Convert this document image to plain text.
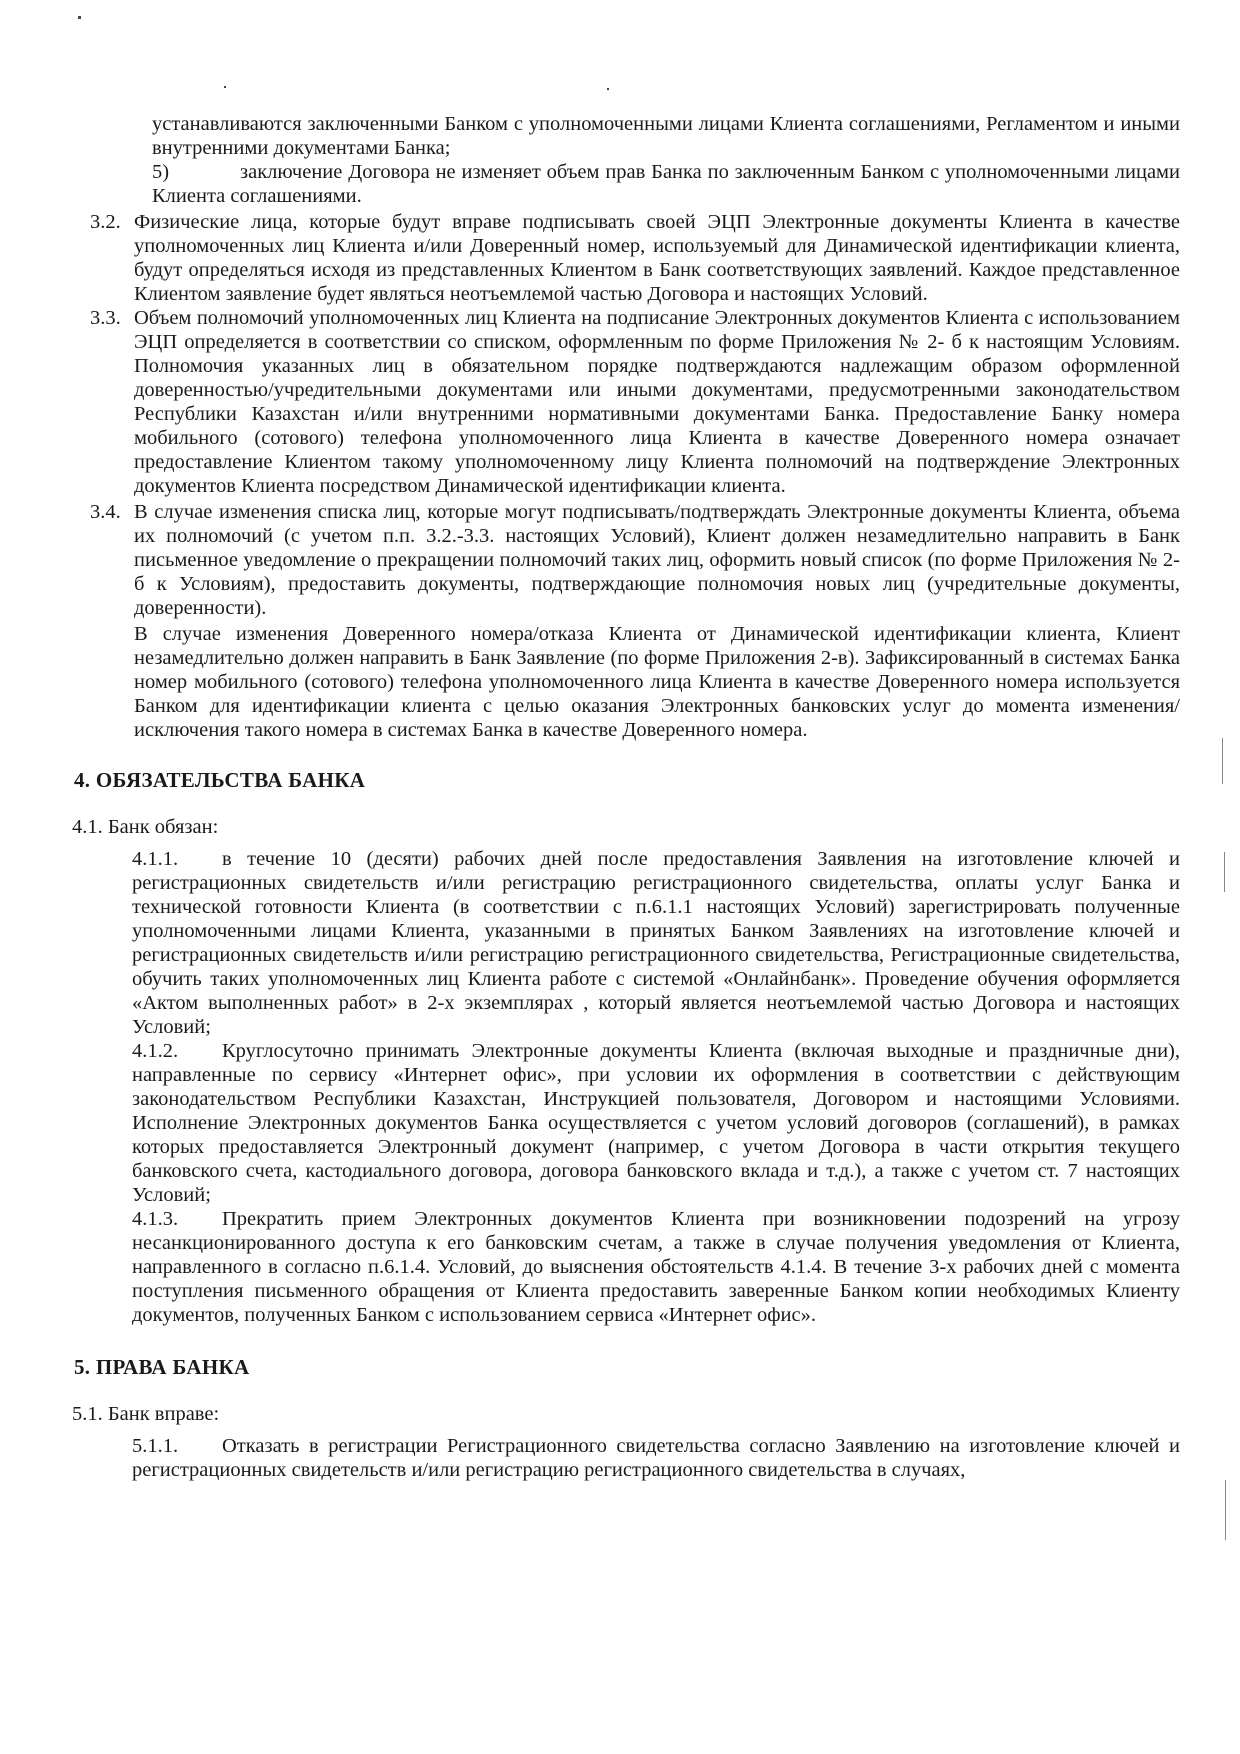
устанавливаются заключенными Банком с уполномоченными лицами Клиента соглашениями, Регламентом и иными внутренними документами Банка;

5)	заключение Договора не изменяет объем прав Банка по заключенным Банком с уполномоченными лицами Клиента соглашениями.

3.2. Физические лица, которые будут вправе подписывать своей ЭЦП Электронные документы Клиента в качестве уполномоченных лиц Клиента и/или Доверенный номер, используемый для Динамической идентификации клиента, будут определяться исходя из представленных Клиентом в Банк соответствующих заявлений. Каждое представленное Клиентом заявление будет являться неотъемлемой частью Договора и настоящих Условий.

3.3. Объем полномочий уполномоченных лиц Клиента на подписание Электронных документов Клиента с использованием ЭЦП определяется в соответствии со списком, оформленным по форме Приложения № 2- б к настоящим Условиям. Полномочия указанных лиц в обязательном порядке подтверждаются надлежащим образом оформленной доверенностью/учредительными документами или иными документами, предусмотренными законодательством Республики Казахстан и/или внутренними нормативными документами Банка. Предоставление Банку номера мобильного (сотового) телефона уполномоченного лица Клиента в качестве Доверенного номера означает предоставление Клиентом такому уполномоченному лицу Клиента полномочий на подтверждение Электронных документов Клиента посредством Динамической идентификации клиента.

3.4. В случае изменения списка лиц, которые могут подписывать/подтверждать Электронные документы Клиента, объема их полномочий (с учетом п.п. 3.2.-3.3. настоящих Условий), Клиент должен незамедлительно направить в Банк письменное уведомление о прекращении полномочий таких лиц, оформить новый список (по форме Приложения № 2-б к Условиям), предоставить документы, подтверждающие полномочия новых лиц (учредительные документы, доверенности).

В случае изменения Доверенного номера/отказа Клиента от Динамической идентификации клиента, Клиент незамедлительно должен направить в Банк Заявление (по форме Приложения 2-в). Зафиксированный в системах Банка номер мобильного (сотового) телефона уполномоченного лица Клиента в качестве Доверенного номера используется Банком для идентификации клиента с целью оказания Электронных банковских услуг до момента изменения/исключения такого номера в системах Банка в качестве Доверенного номера.

4. ОБЯЗАТЕЛЬСТВА БАНКА

4.1. Банк обязан:

4.1.1. в течение 10 (десяти) рабочих дней после предоставления Заявления на изготовление ключей и регистрационных свидетельств и/или регистрацию регистрационного свидетельства, оплаты услуг Банка и технической готовности Клиента (в соответствии с п.6.1.1 настоящих Условий) зарегистрировать полученные уполномоченными лицами Клиента, указанными в принятых Банком Заявлениях на изготовление ключей и регистрационных свидетельств и/или регистрацию регистрационного свидетельства, Регистрационные свидетельства, обучить таких уполномоченных лиц Клиента работе с системой «Онлайнбанк». Проведение обучения оформляется «Актом выполненных работ» в 2-х экземплярах , который является неотъемлемой частью Договора и настоящих Условий;
4.1.2. Круглосуточно принимать Электронные документы Клиента (включая выходные и праздничные дни), направленные по сервису «Интернет офис», при условии их оформления в соответствии с действующим законодательством Республики Казахстан, Инструкцией пользователя, Договором и настоящими Условиями. Исполнение Электронных документов Банка осуществляется с учетом условий договоров (соглашений), в рамках которых предоставляется Электронный документ (например, с учетом Договора в части открытия текущего банковского счета, кастодиального договора, договора банковского вклада и т.д.), а также с учетом ст. 7 настоящих Условий;
4.1.3. Прекратить прием Электронных документов Клиента при возникновении подозрений на угрозу несанкционированного доступа к его банковским счетам, а также в случае получения уведомления от Клиента, направленного в согласно п.6.1.4. Условий, до выяснения обстоятельств 4.1.4. В течение 3-х рабочих дней с момента поступления письменного обращения от Клиента предоставить заверенные Банком копии необходимых Клиенту документов, полученных Банком с использованием сервиса «Интернет офис».
5. ПРАВА БАНКА

5.1. Банк вправе:

5.1.1. Отказать в регистрации Регистрационного свидетельства согласно Заявлению на изготовление ключей и регистрационных свидетельств и/или регистрацию регистрационного свидетельства в случаях,
